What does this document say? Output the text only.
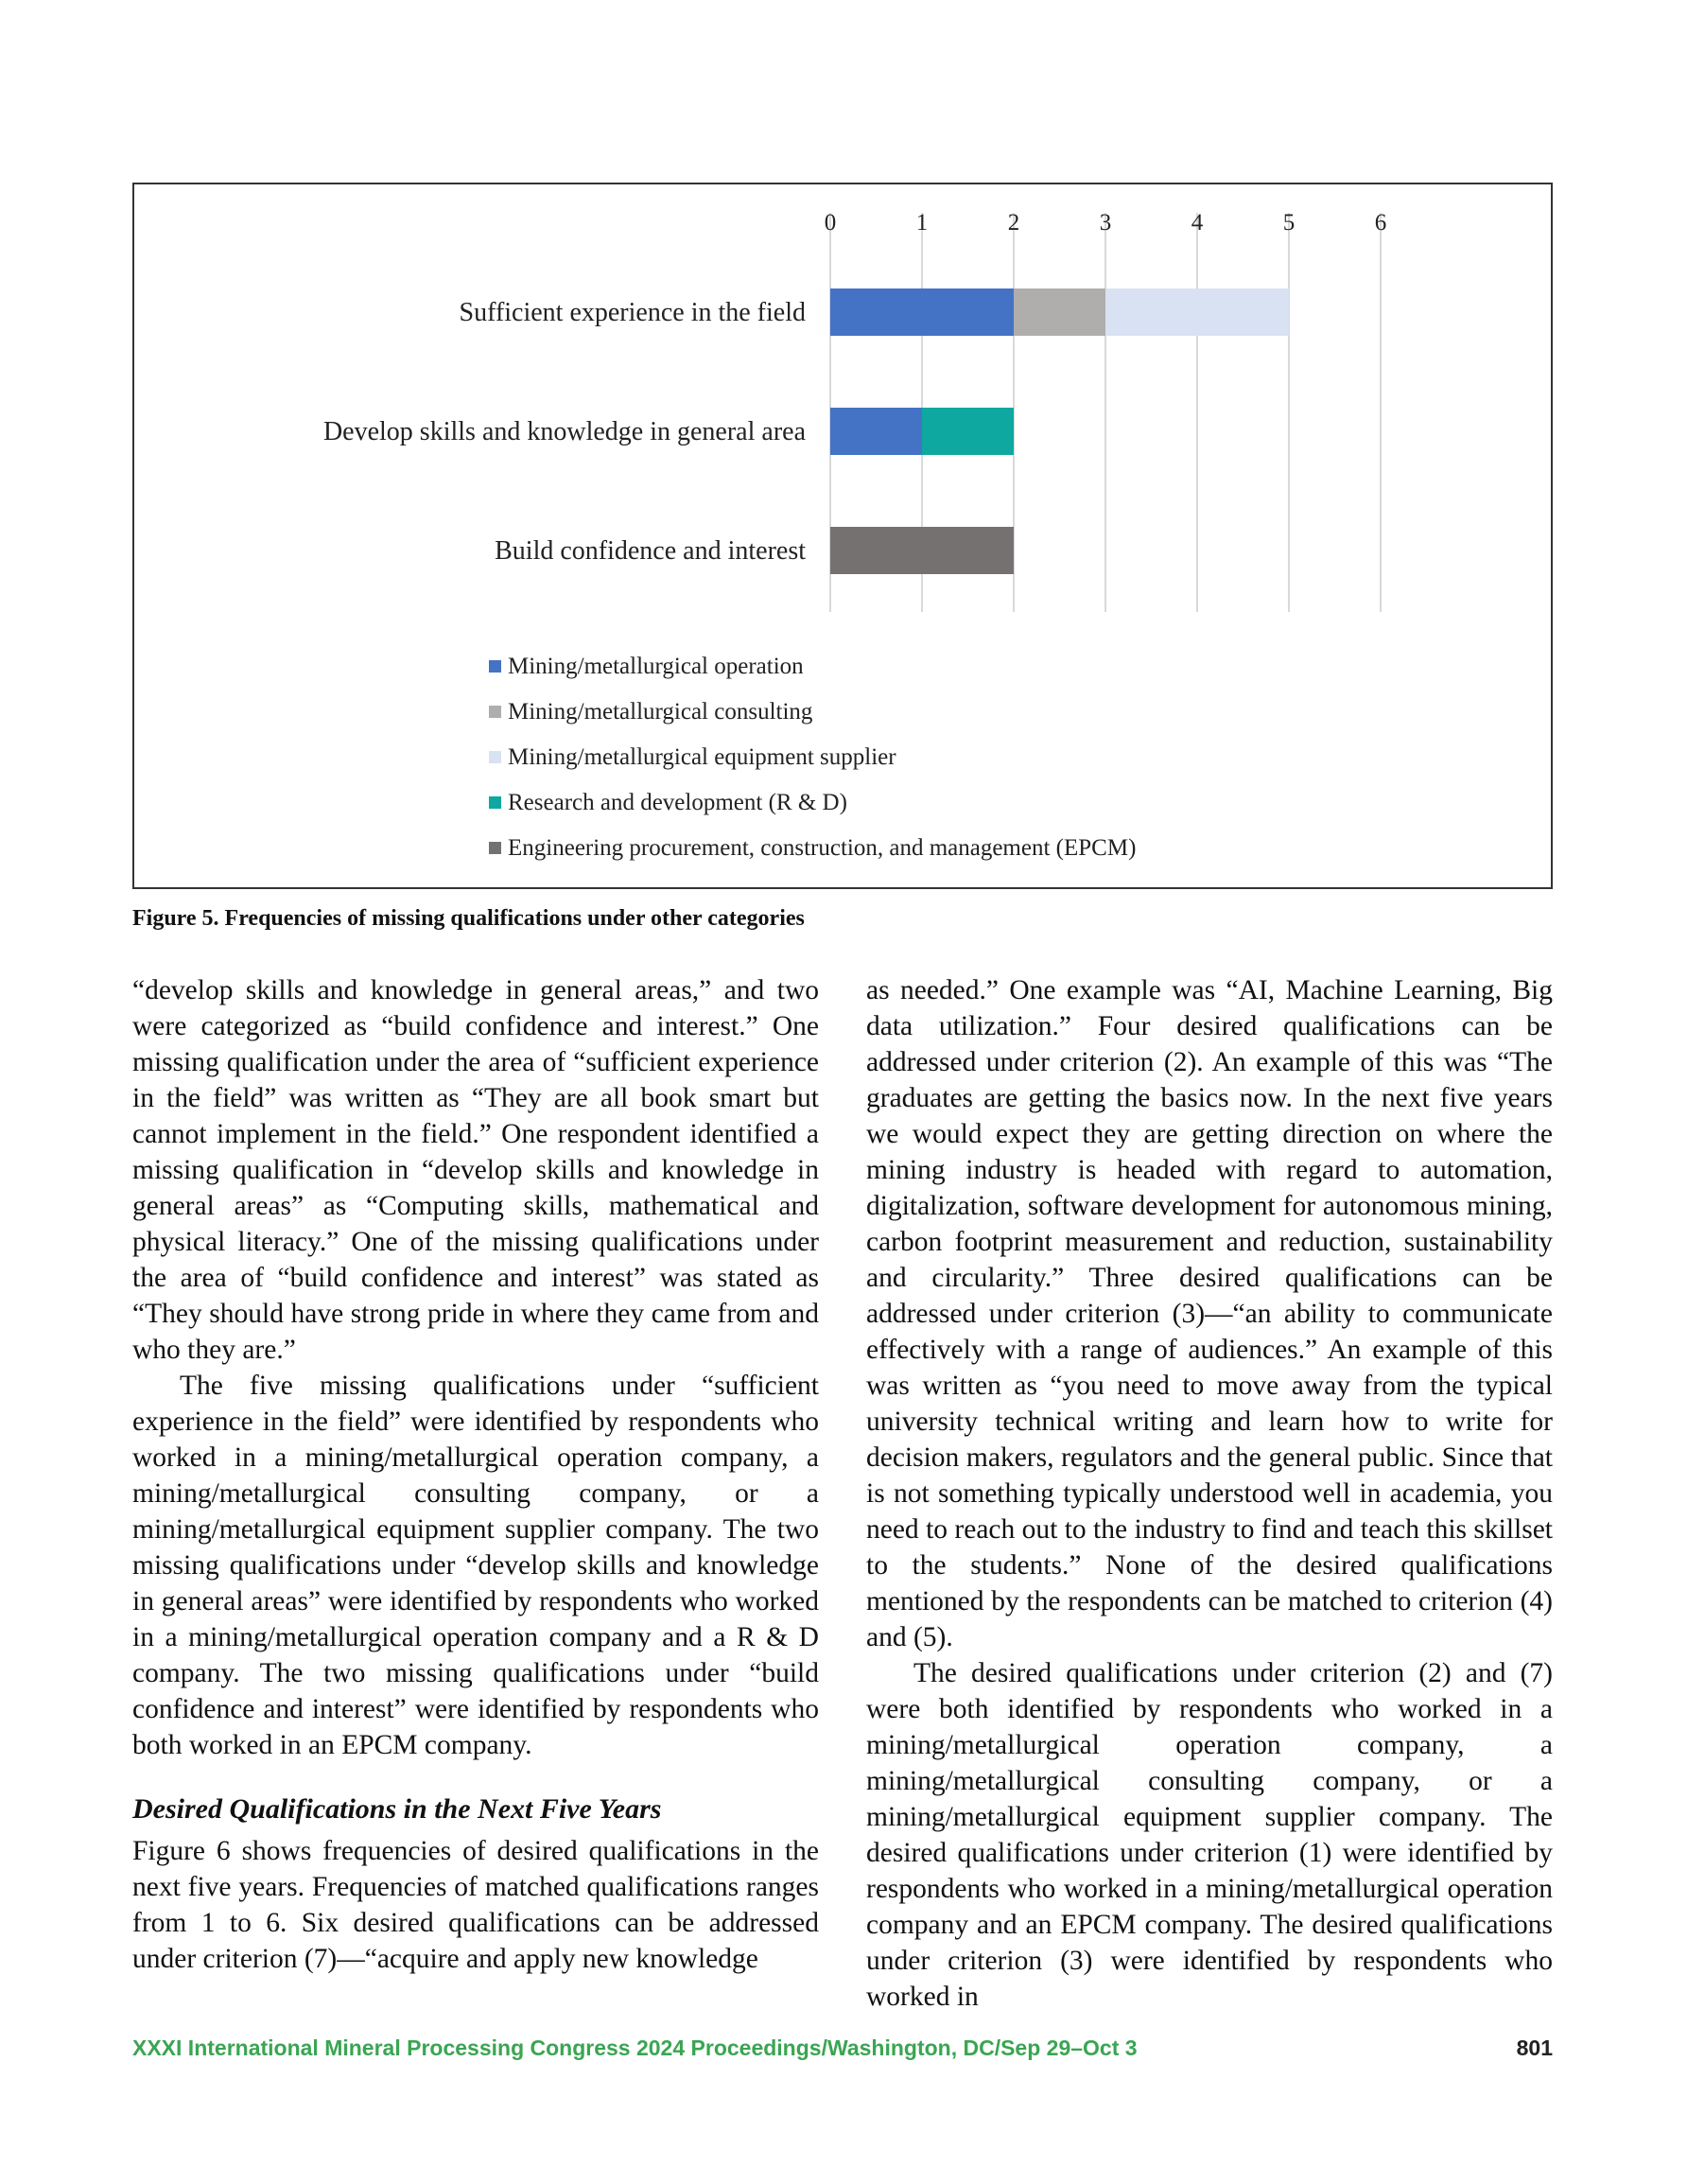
0	1	2	3	4	5	6
Sufficient experience in the field
Develop skills and knowledge in general area
Build confidence and interest
Mining/metallurgical operation
Mining/metallurgical consulting
Mining/metallurgical equipment supplier
Research and development (R & D)
Engineering procurement, construction, and management (EPCM)
Figure 5. Frequencies of missing qualifications under other categories

“develop skills and knowledge in general areas,” and two were categorized as “build confidence and interest.” One missing qualification under the area of “sufficient experience in the field” was written as “They are all book smart but cannot implement in the field.” One respondent identified a missing qualification in “develop skills and knowledge in general areas” as “Computing skills, mathematical and physical literacy.” One of the missing qualifications under the area of “build confidence and interest” was stated as “They should have strong pride in where they came from and who they are.”

The five missing qualifications under “sufficient experience in the field” were identified by respondents who worked in a mining/metallurgical operation company, a mining/metallurgical consulting company, or a mining/metallurgical equipment supplier company. The two missing qualifications under “develop skills and knowledge in general areas” were identified by respondents who worked in a mining/metallurgical operation company and a R & D company. The two missing qualifications under “build confidence and interest” were identified by respondents who both worked in an EPCM company.

Desired Qualifications in the Next Five Years

Figure 6 shows frequencies of desired qualifications in the next five years. Frequencies of matched qualifications ranges from 1 to 6. Six desired qualifications can be addressed under criterion (7)—“acquire and apply new knowledge

as needed.” One example was “AI, Machine Learning, Big data utilization.” Four desired qualifications can be addressed under criterion (2). An example of this was “The graduates are getting the basics now. In the next five years we would expect they are getting direction on where the mining industry is headed with regard to automation, digitalization, software development for autonomous mining, carbon footprint measurement and reduction, sustainability and circularity.” Three desired qualifications can be addressed under criterion (3)—“an ability to communicate effectively with a range of audiences.” An example of this was written as “you need to move away from the typical university technical writing and learn how to write for decision makers, regulators and the general public. Since that is not something typically understood well in academia, you need to reach out to the industry to find and teach this skillset to the students.” None of the desired qualifications mentioned by the respondents can be matched to criterion (4) and (5).

The desired qualifications under criterion (2) and (7) were both identified by respondents who worked in a mining/metallurgical operation company, a mining/metallurgical consulting company, or a mining/metallurgical equipment supplier company. The desired qualifications under criterion (1) were identified by respondents who worked in a mining/metallurgical operation company and an EPCM company. The desired qualifications under criterion (3) were identified by respondents who worked in

XXXI International Mineral Processing Congress 2024 Proceedings/Washington, DC/Sep 29–Oct 3	801
